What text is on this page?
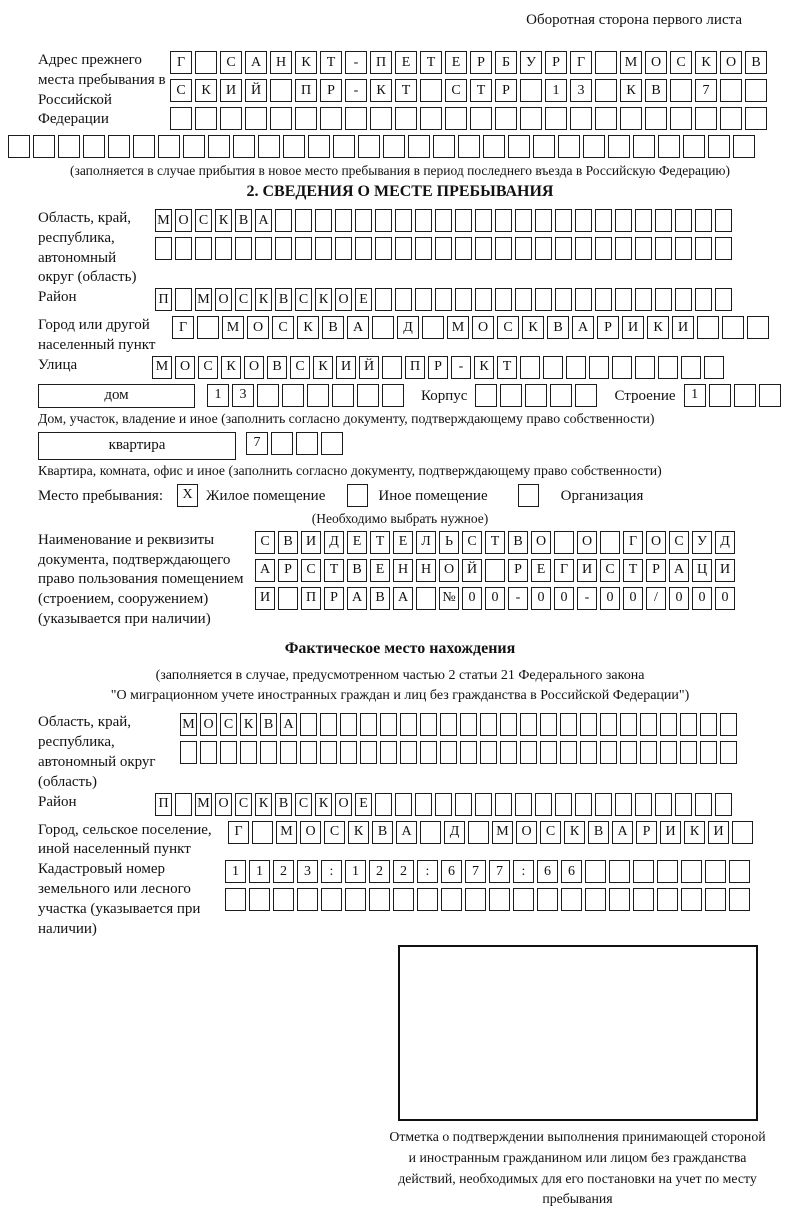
Оборотная сторона первого листа
Адрес прежнего места пребывания в Российской Федерации
Г	С А Н К Т - П Е Т Е Р Б У Р Г	М О С К О В
С К И Й	П Р - К Т	С Т Р	1 3	К В	7
(заполняется в случае прибытия в новое место пребывания в период последнего въезда в Российскую Федерацию)
2. СВЕДЕНИЯ О МЕСТЕ ПРЕБЫВАНИЯ
Область, край, республика, автономный округ (область)
М О С К В А
Район	П М О С К В С К О Е
Город или другой населенный пункт
Г	М О С К В А	Д	М О С К В А Р И К И
Улица	М О С К О В С К И Й	П Р - К Т
дом	1 3	Корпус	Строение	1
Дом, участок, владение и иное (заполнить согласно документу, подтверждающему право собственности)
квартира	7
Квартира, комната, офис и иное (заполнить согласно документу, подтверждающему право собственности)
Место пребывания:	X Жилое помещение	Иное помещение	Организация
(Необходимо выбрать нужное)
Наименование и реквизиты документа, подтверждающего право пользования помещением (строением, сооружением) (указывается при наличии)
С В И Д Е Т Е Л Ь С Т В О	О	Г О С У Д
А Р С Т В Е Н Н О Й	Р Е Г И С Т Р А Ц И
И	П Р А В А № 0 0 - 0 0 - 0 0 / 0 0 0
Фактическое место нахождения
(заполняется в случае, предусмотренном частью 2 статьи 21 Федерального закона
"О миграционном учете иностранных граждан и лиц без гражданства в Российской Федерации")
Область, край, республика, автономный округ (область)
М О С К В А
Район	П М О С К В С К О Е
Город, сельское поселение, иной населенный пункт
Г	М О С К В А	Д	М О С К В А Р И К И
Кадастровый номер земельного или лесного участка (указывается при наличии)
1 1 2 3 : 1 2 2 : 6 7 7 : 6 6
Отметка о подтверждении выполнения принимающей стороной и иностранным гражданином или лицом без гражданства действий, необходимых для его постановки на учет по месту пребывания
